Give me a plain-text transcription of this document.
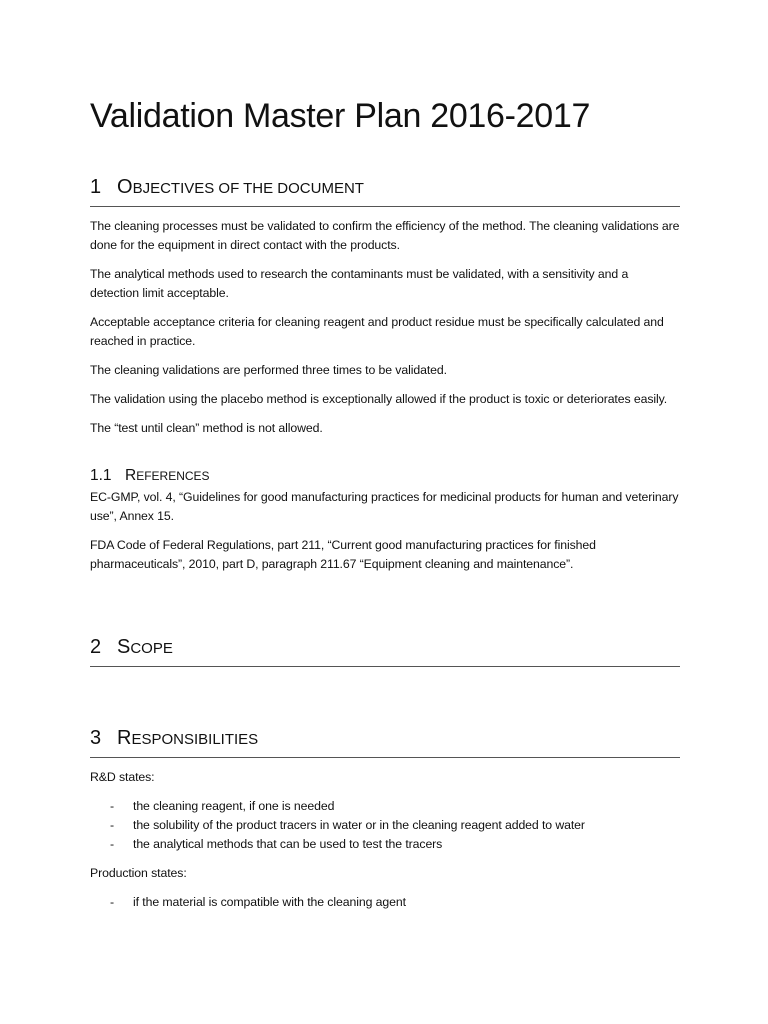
Validation Master Plan 2016-2017
1 O BJECTIVES OF THE DOCUMENT

The cleaning processes must be validated to confirm the efficiency of the method. The cleaning validations are done for the equipment in direct contact with the products.

The analytical methods used to research the contaminants must be validated, with a sensitivity and a detection limit acceptable.

Acceptable acceptance criteria for cleaning reagent and product residue must be specifically calculated and reached in practice.

The cleaning validations are performed three times to be validated.

The validation using the placebo method is exceptionally allowed if the product is toxic or deteriorates easily.

The “test until clean” method is not allowed.

1.1 R EFERENCES

EC-GMP, vol. 4, “Guidelines for good manufacturing practices for medicinal products for human and veterinary use”, Annex 15.

FDA Code of Federal Regulations, part 211, “Current good manufacturing practices for finished pharmaceuticals”, 2010, part D, paragraph 211.67 “Equipment cleaning and maintenance”.

2 S COPE
3 R ESPONSIBILITIES

R&D states:

-	the cleaning reagent, if one is needed
-	the solubility of the product tracers in water or in the cleaning reagent added to water
-	the analytical methods that can be used to test the tracers

Production states:

-	if the material is compatible with the cleaning agent
